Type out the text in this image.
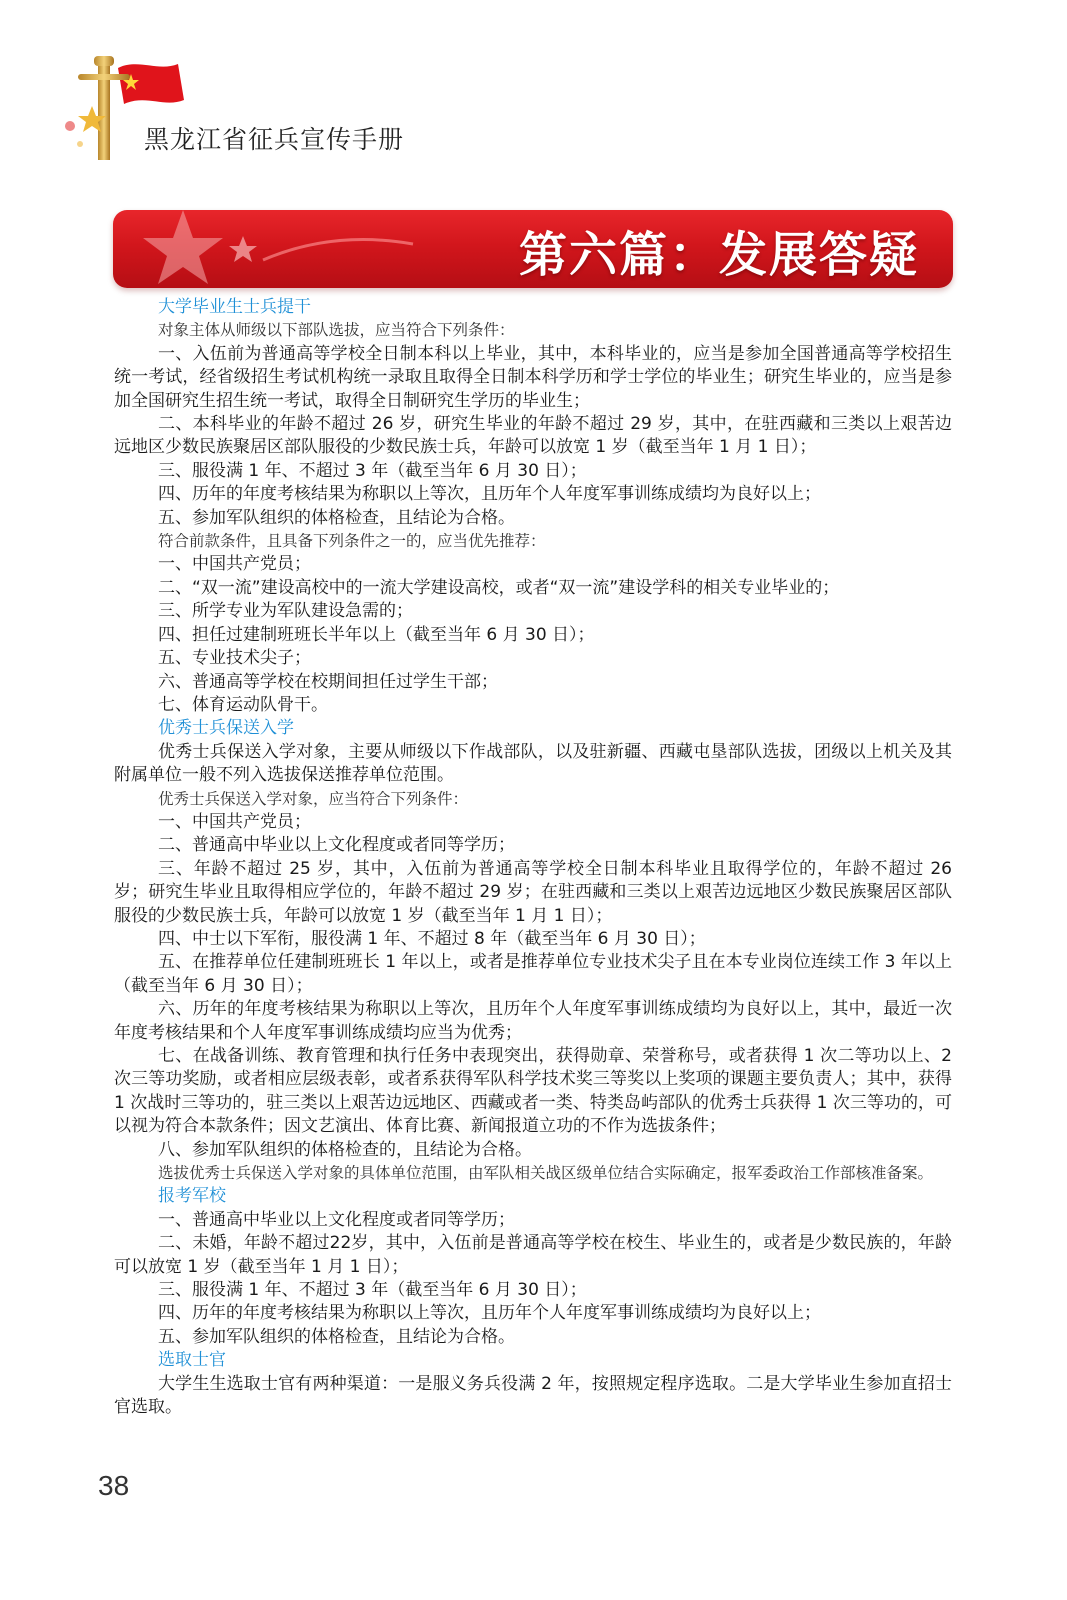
黑龙江省征兵宣传手册
第六篇：发展答疑

大学毕业生士兵提干

对象主体从师级以下部队选拔，应当符合下列条件：

一、入伍前为普通高等学校全日制本科以上毕业，其中，本科毕业的，应当是参加全国普通高等学校招生统一考试，经省级招生考试机构统一录取且取得全日制本科学历和学士学位的毕业生；研究生毕业的，应当是参加全国研究生招生统一考试，取得全日制研究生学历的毕业生；

二、本科毕业的年龄不超过 26 岁，研究生毕业的年龄不超过 29 岁，其中，在驻西藏和三类以上艰苦边远地区少数民族聚居区部队服役的少数民族士兵，年龄可以放宽 1 岁（截至当年 1 月 1 日）；

三、服役满 1 年、不超过 3 年（截至当年 6 月 30 日）；

四、历年的年度考核结果为称职以上等次，且历年个人年度军事训练成绩均为良好以上；

五、参加军队组织的体格检查，且结论为合格。

符合前款条件，且具备下列条件之一的，应当优先推荐：

一、中国共产党员；

二、“双一流”建设高校中的一流大学建设高校，或者“双一流”建设学科的相关专业毕业的；

三、所学专业为军队建设急需的；

四、担任过建制班班长半年以上（截至当年 6 月 30 日）；

五、专业技术尖子；

六、普通高等学校在校期间担任过学生干部；

七、体育运动队骨干。

优秀士兵保送入学

优秀士兵保送入学对象，主要从师级以下作战部队，以及驻新疆、西藏屯垦部队选拔，团级以上机关及其附属单位一般不列入选拔保送推荐单位范围。

优秀士兵保送入学对象，应当符合下列条件：

一、中国共产党员；

二、普通高中毕业以上文化程度或者同等学历；

三、年龄不超过 25 岁，其中，入伍前为普通高等学校全日制本科毕业且取得学位的，年龄不超过 26 岁；研究生毕业且取得相应学位的，年龄不超过 29 岁；在驻西藏和三类以上艰苦边远地区少数民族聚居区部队服役的少数民族士兵，年龄可以放宽 1 岁（截至当年 1 月 1 日）；

四、中士以下军衔，服役满 1 年、不超过 8 年（截至当年 6 月 30 日）；

五、在推荐单位任建制班班长 1 年以上，或者是推荐单位专业技术尖子且在本专业岗位连续工作 3 年以上（截至当年 6 月 30 日）；

六、历年的年度考核结果为称职以上等次，且历年个人年度军事训练成绩均为良好以上，其中，最近一次年度考核结果和个人年度军事训练成绩均应当为优秀；

七、在战备训练、教育管理和执行任务中表现突出，获得勋章、荣誉称号，或者获得 1 次二等功以上、2 次三等功奖励，或者相应层级表彰，或者系获得军队科学技术奖三等奖以上奖项的课题主要负责人；其中，获得 1 次战时三等功的，驻三类以上艰苦边远地区、西藏或者一类、特类岛屿部队的优秀士兵获得 1 次三等功的，可以视为符合本款条件；因文艺演出、体育比赛、新闻报道立功的不作为选拔条件；

八、参加军队组织的体格检查的，且结论为合格。

选拔优秀士兵保送入学对象的具体单位范围，由军队相关战区级单位结合实际确定，报军委政治工作部核准备案。

报考军校

一、普通高中毕业以上文化程度或者同等学历；

二、未婚，年龄不超过22岁，其中，入伍前是普通高等学校在校生、毕业生的，或者是少数民族的，年龄可以放宽 1 岁（截至当年 1 月 1 日）；

三、服役满 1 年、不超过 3 年（截至当年 6 月 30 日）；

四、历年的年度考核结果为称职以上等次，且历年个人年度军事训练成绩均为良好以上；

五、参加军队组织的体格检查，且结论为合格。

选取士官

大学生生选取士官有两种渠道：一是服义务兵役满 2 年，按照规定程序选取。二是大学毕业生参加直招士官选取。

38
